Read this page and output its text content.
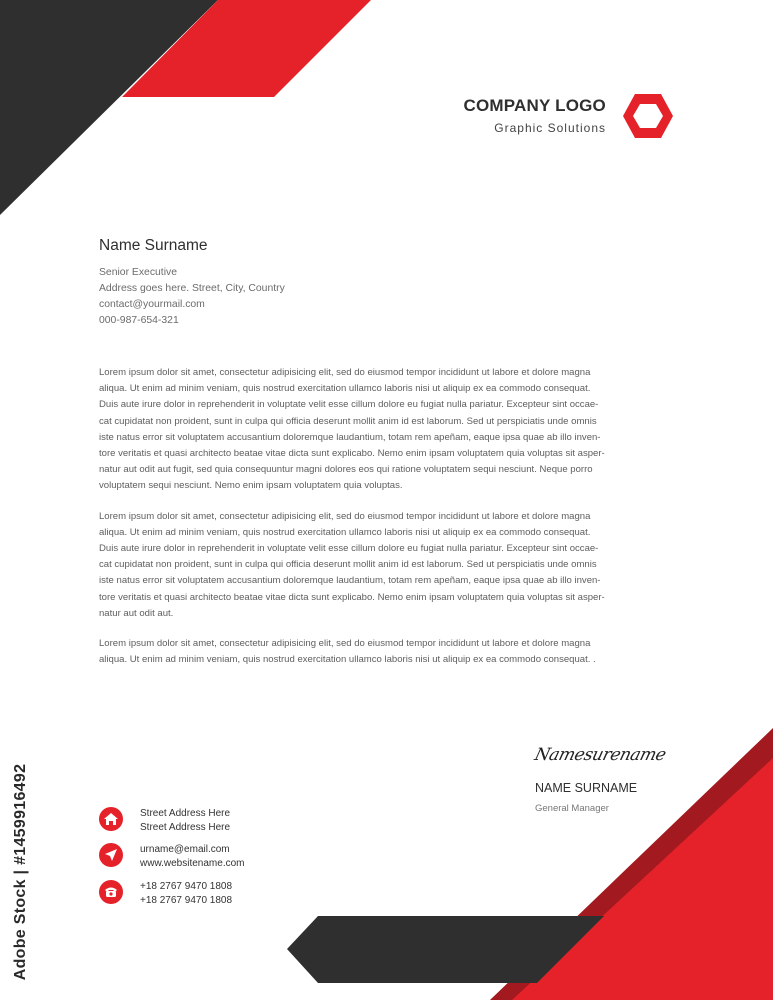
COMPANY LOGO
Graphic Solutions
Name Surname
Senior Executive
Address goes here. Street, City, Country
contact@yourmail.com
000-987-654-321
Lorem ipsum dolor sit amet, consectetur adipisicing elit, sed do eiusmod tempor incididunt ut labore et dolore magna
aliqua. Ut enim ad minim veniam, quis nostrud exercitation ullamco laboris nisi ut aliquip ex ea commodo consequat.
Duis aute irure dolor in reprehenderit in voluptate velit esse cillum dolore eu fugiat nulla pariatur. Excepteur sint occae-
cat cupidatat non proident, sunt in culpa qui officia deserunt mollit anim id est laborum. Sed ut perspiciatis unde omnis
iste natus error sit voluptatem accusantium doloremque laudantium, totam rem apeñam, eaque ipsa quae ab illo inven-
tore veritatis et quasi architecto beatae vitae dicta sunt explicabo. Nemo enim ipsam voluptatem quia voluptas sit asper-
natur aut odit aut fugit, sed quia consequuntur magni dolores eos qui ratione voluptatem sequi nesciunt. Neque porro
voluptatem sequi nesciunt. Nemo enim ipsam voluptatem quia voluptas.
Lorem ipsum dolor sit amet, consectetur adipisicing elit, sed do eiusmod tempor incididunt ut labore et dolore magna
aliqua. Ut enim ad minim veniam, quis nostrud exercitation ullamco laboris nisi ut aliquip ex ea commodo consequat.
Duis aute irure dolor in reprehenderit in voluptate velit esse cillum dolore eu fugiat nulla pariatur. Excepteur sint occae-
cat cupidatat non proident, sunt in culpa qui officia deserunt mollit anim id est laborum. Sed ut perspiciatis unde omnis
iste natus error sit voluptatem accusantium doloremque laudantium, totam rem apeñam, eaque ipsa quae ab illo inven-
tore veritatis et quasi architecto beatae vitae dicta sunt explicabo. Nemo enim ipsam voluptatem quia voluptas sit asper-
natur aut odit aut.
Lorem ipsum dolor sit amet, consectetur adipisicing elit, sed do eiusmod tempor incididunt ut labore et dolore magna
aliqua. Ut enim ad minim veniam, quis nostrud exercitation ullamco laboris nisi ut aliquip ex ea commodo consequat. .
Namesurename
NAME SURNAME
General Manager
Street Address Here
Street Address Here
urname@email.com
www.websitename.com
+18 2767 9470 1808
+18 2767 9470 1808
Adobe Stock | #1459916492
